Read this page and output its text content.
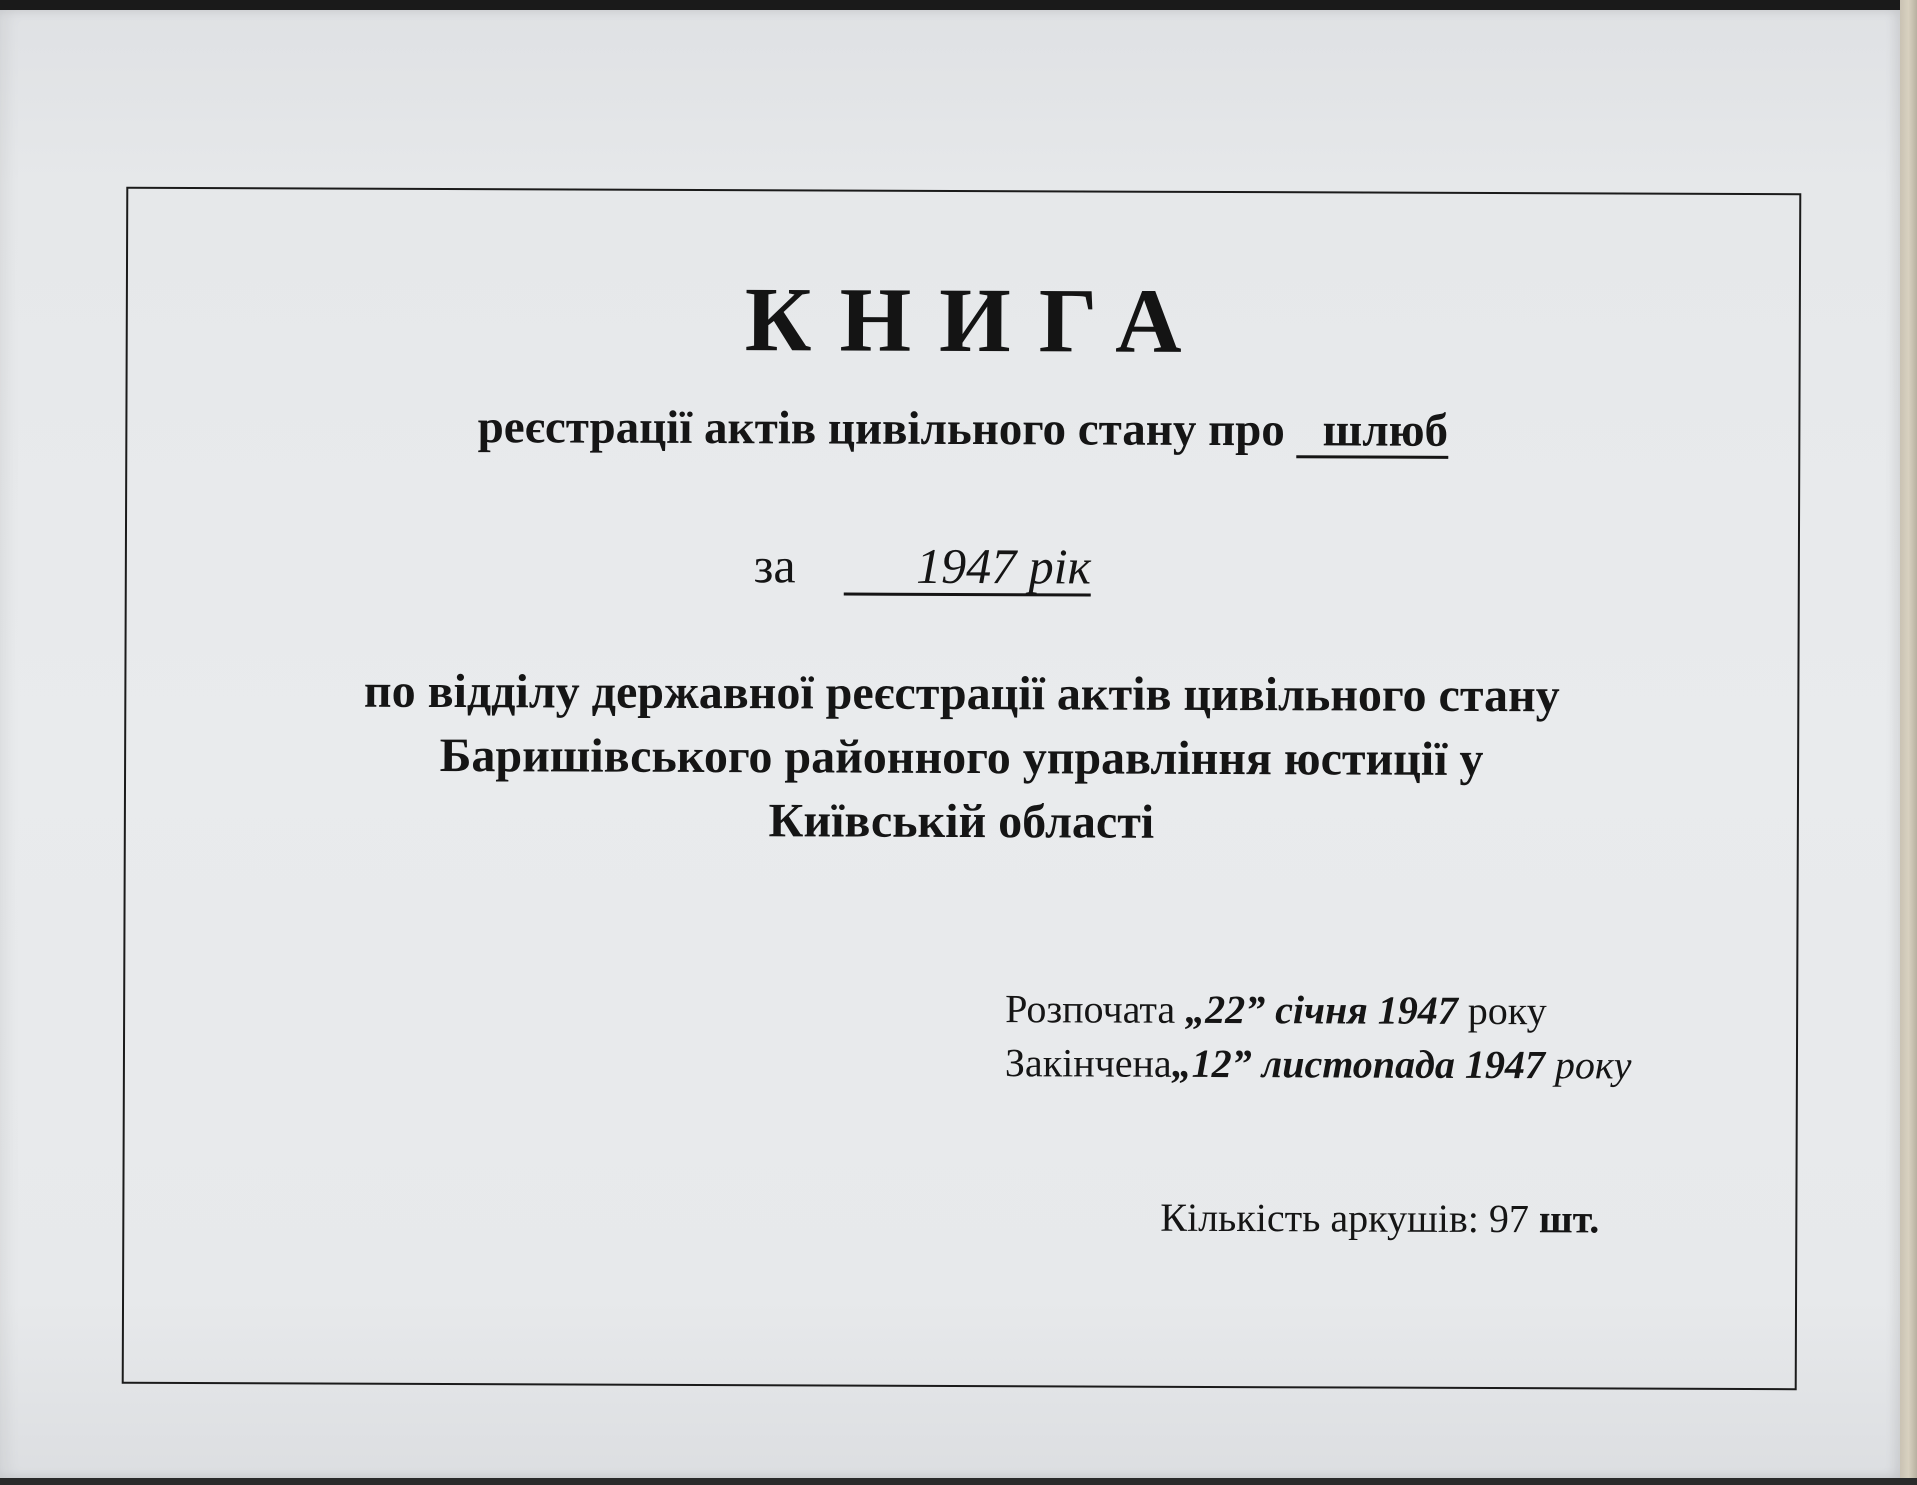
КНИГА
реєстрації актів цивільного стану про шлюб
за 1947 рік
по відділу державної реєстрації актів цивільного стану
Баришівського районного управління юстиції у
Київській області
Розпочата „22” січня 1947 року
Закінчена„12” листопада 1947 року
Кількість аркушів: 97 шт.
